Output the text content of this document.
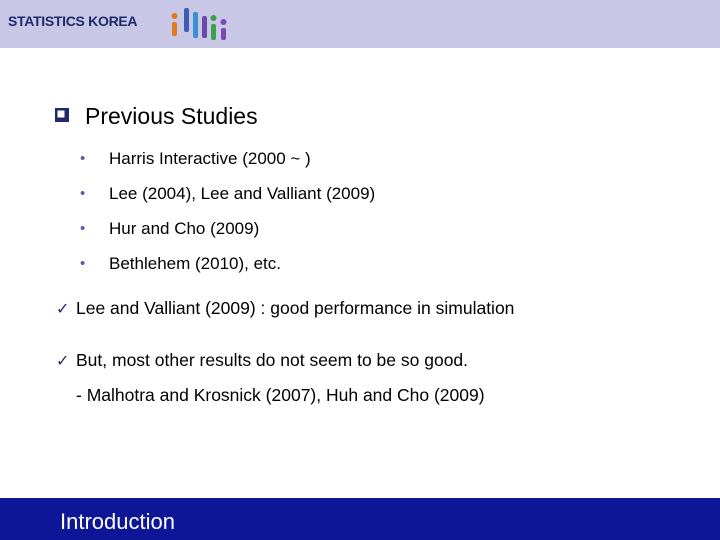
STATISTICS KOREA
Previous Studies
• Harris Interactive (2000 ~ )
• Lee (2004), Lee and Valliant (2009)
• Hur and Cho (2009)
• Bethlehem (2010), etc.
✓ Lee and Valliant (2009) : good performance in simulation
✓ But, most other results do not seem to be so good.
- Malhotra and Krosnick (2007), Huh and Cho (2009)
Introduction
